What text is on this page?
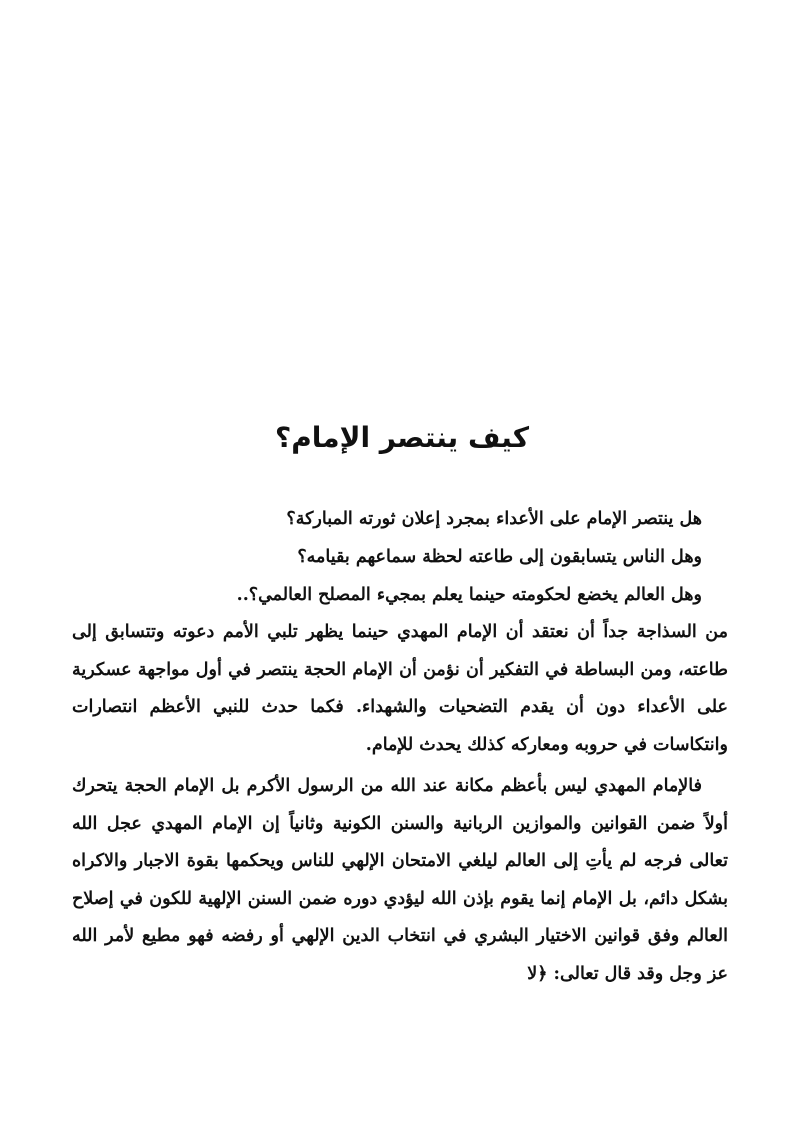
كيف ينتصر الإمام؟
هل ينتصر الإمام على الأعداء بمجرد إعلان ثورته المباركة؟
وهل الناس يتسابقون إلى طاعته لحظة سماعهم بقيامه؟
وهل العالم يخضع لحكومته حينما يعلم بمجيء المصلح العالمي؟..

من السذاجة جداً أن نعتقد أن الإمام المهدي حينما يظهر تلبي الأمم دعوته وتتسابق إلى طاعته، ومن البساطة في التفكير أن نؤمن أن الإمام الحجة ينتصر في أول مواجهة عسكرية على الأعداء دون أن يقدم التضحيات والشهداء. فكما حدث للنبي الأعظم انتصارات وانتكاسات في حروبه ومعاركه كذلك يحدث للإمام.

فالإمام المهدي ليس بأعظم مكانة عند الله من الرسول الأكرم بل الإمام الحجة يتحرك أولاً ضمن القوانين والموازين الربانية والسنن الكونية وثانياً إن الإمام المهدي عجل الله تعالى فرجه لم يأتِ إلى العالم ليلغي الامتحان الإلهي للناس ويحكمها بقوة الاجبار والاكراه بشكل دائم، بل الإمام إنما يقوم بإذن الله ليؤدي دوره ضمن السنن الإلهية للكون في إصلاح العالم وفق قوانين الاختيار البشري في انتخاب الدين الإلهي أو رفضه فهو مطيع لأمر الله عز وجل وقد قال تعالى: ﴿لا
